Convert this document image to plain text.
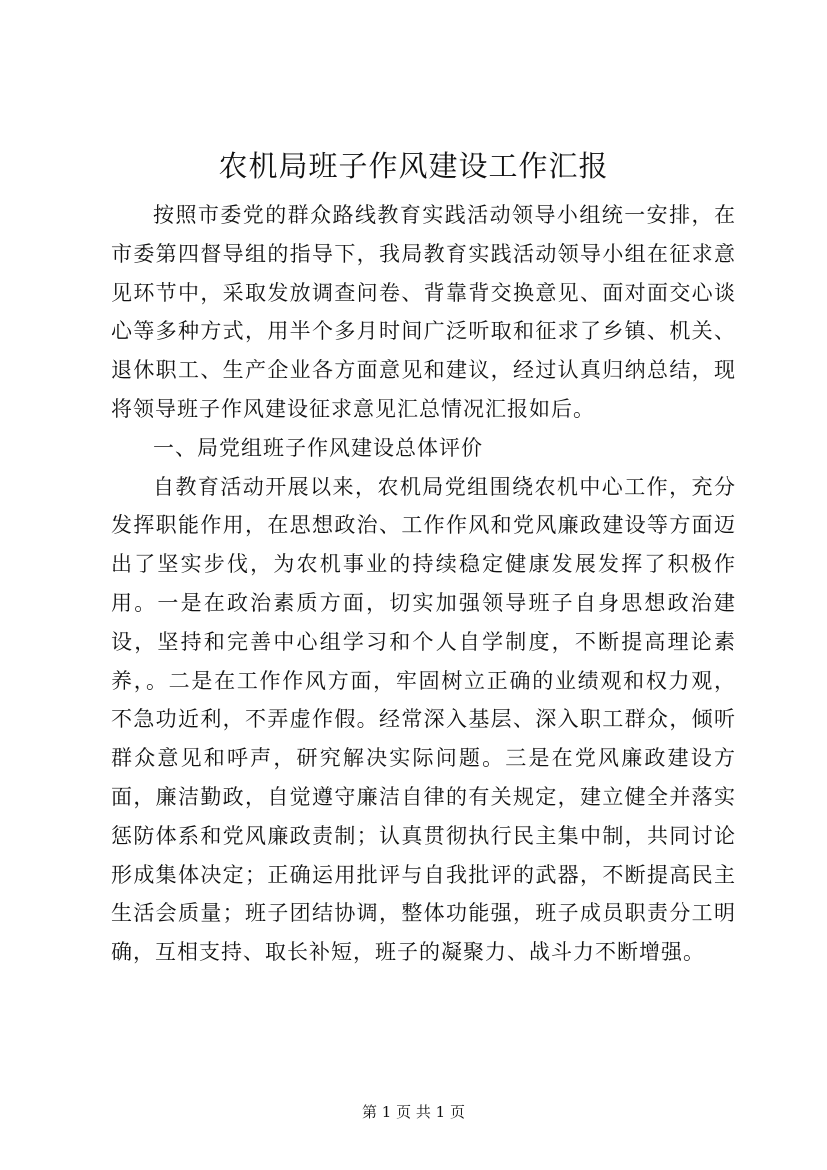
农机局班子作风建设工作汇报

按照市委党的群众路线教育实践活动领导小组统一安排，在市委第四督导组的指导下，我局教育实践活动领导小组在征求意见环节中，采取发放调查问卷、背靠背交换意见、面对面交心谈心等多种方式，用半个多月时间广泛听取和征求了乡镇、机关、退休职工、生产企业各方面意见和建议，经过认真归纳总结，现将领导班子作风建设征求意见汇总情况汇报如后。

一、局党组班子作风建设总体评价

自教育活动开展以来，农机局党组围绕农机中心工作，充分发挥职能作用，在思想政治、工作作风和党风廉政建设等方面迈出了坚实步伐，为农机事业的持续稳定健康发展发挥了积极作用。一是在政治素质方面，切实加强领导班子自身思想政治建设，坚持和完善中心组学习和个人自学制度，不断提高理论素养，。二是在工作作风方面，牢固树立正确的业绩观和权力观，不急功近利，不弄虚作假。经常深入基层、深入职工群众，倾听群众意见和呼声，研究解决实际问题。三是在党风廉政建设方面，廉洁勤政，自觉遵守廉洁自律的有关规定，建立健全并落实惩防体系和党风廉政责制；认真贯彻执行民主集中制，共同讨论形成集体决定；正确运用批评与自我批评的武器，不断提高民主生活会质量；班子团结协调，整体功能强，班子成员职责分工明确，互相支持、取长补短，班子的凝聚力、战斗力不断增强。

第 1 页 共 1 页
